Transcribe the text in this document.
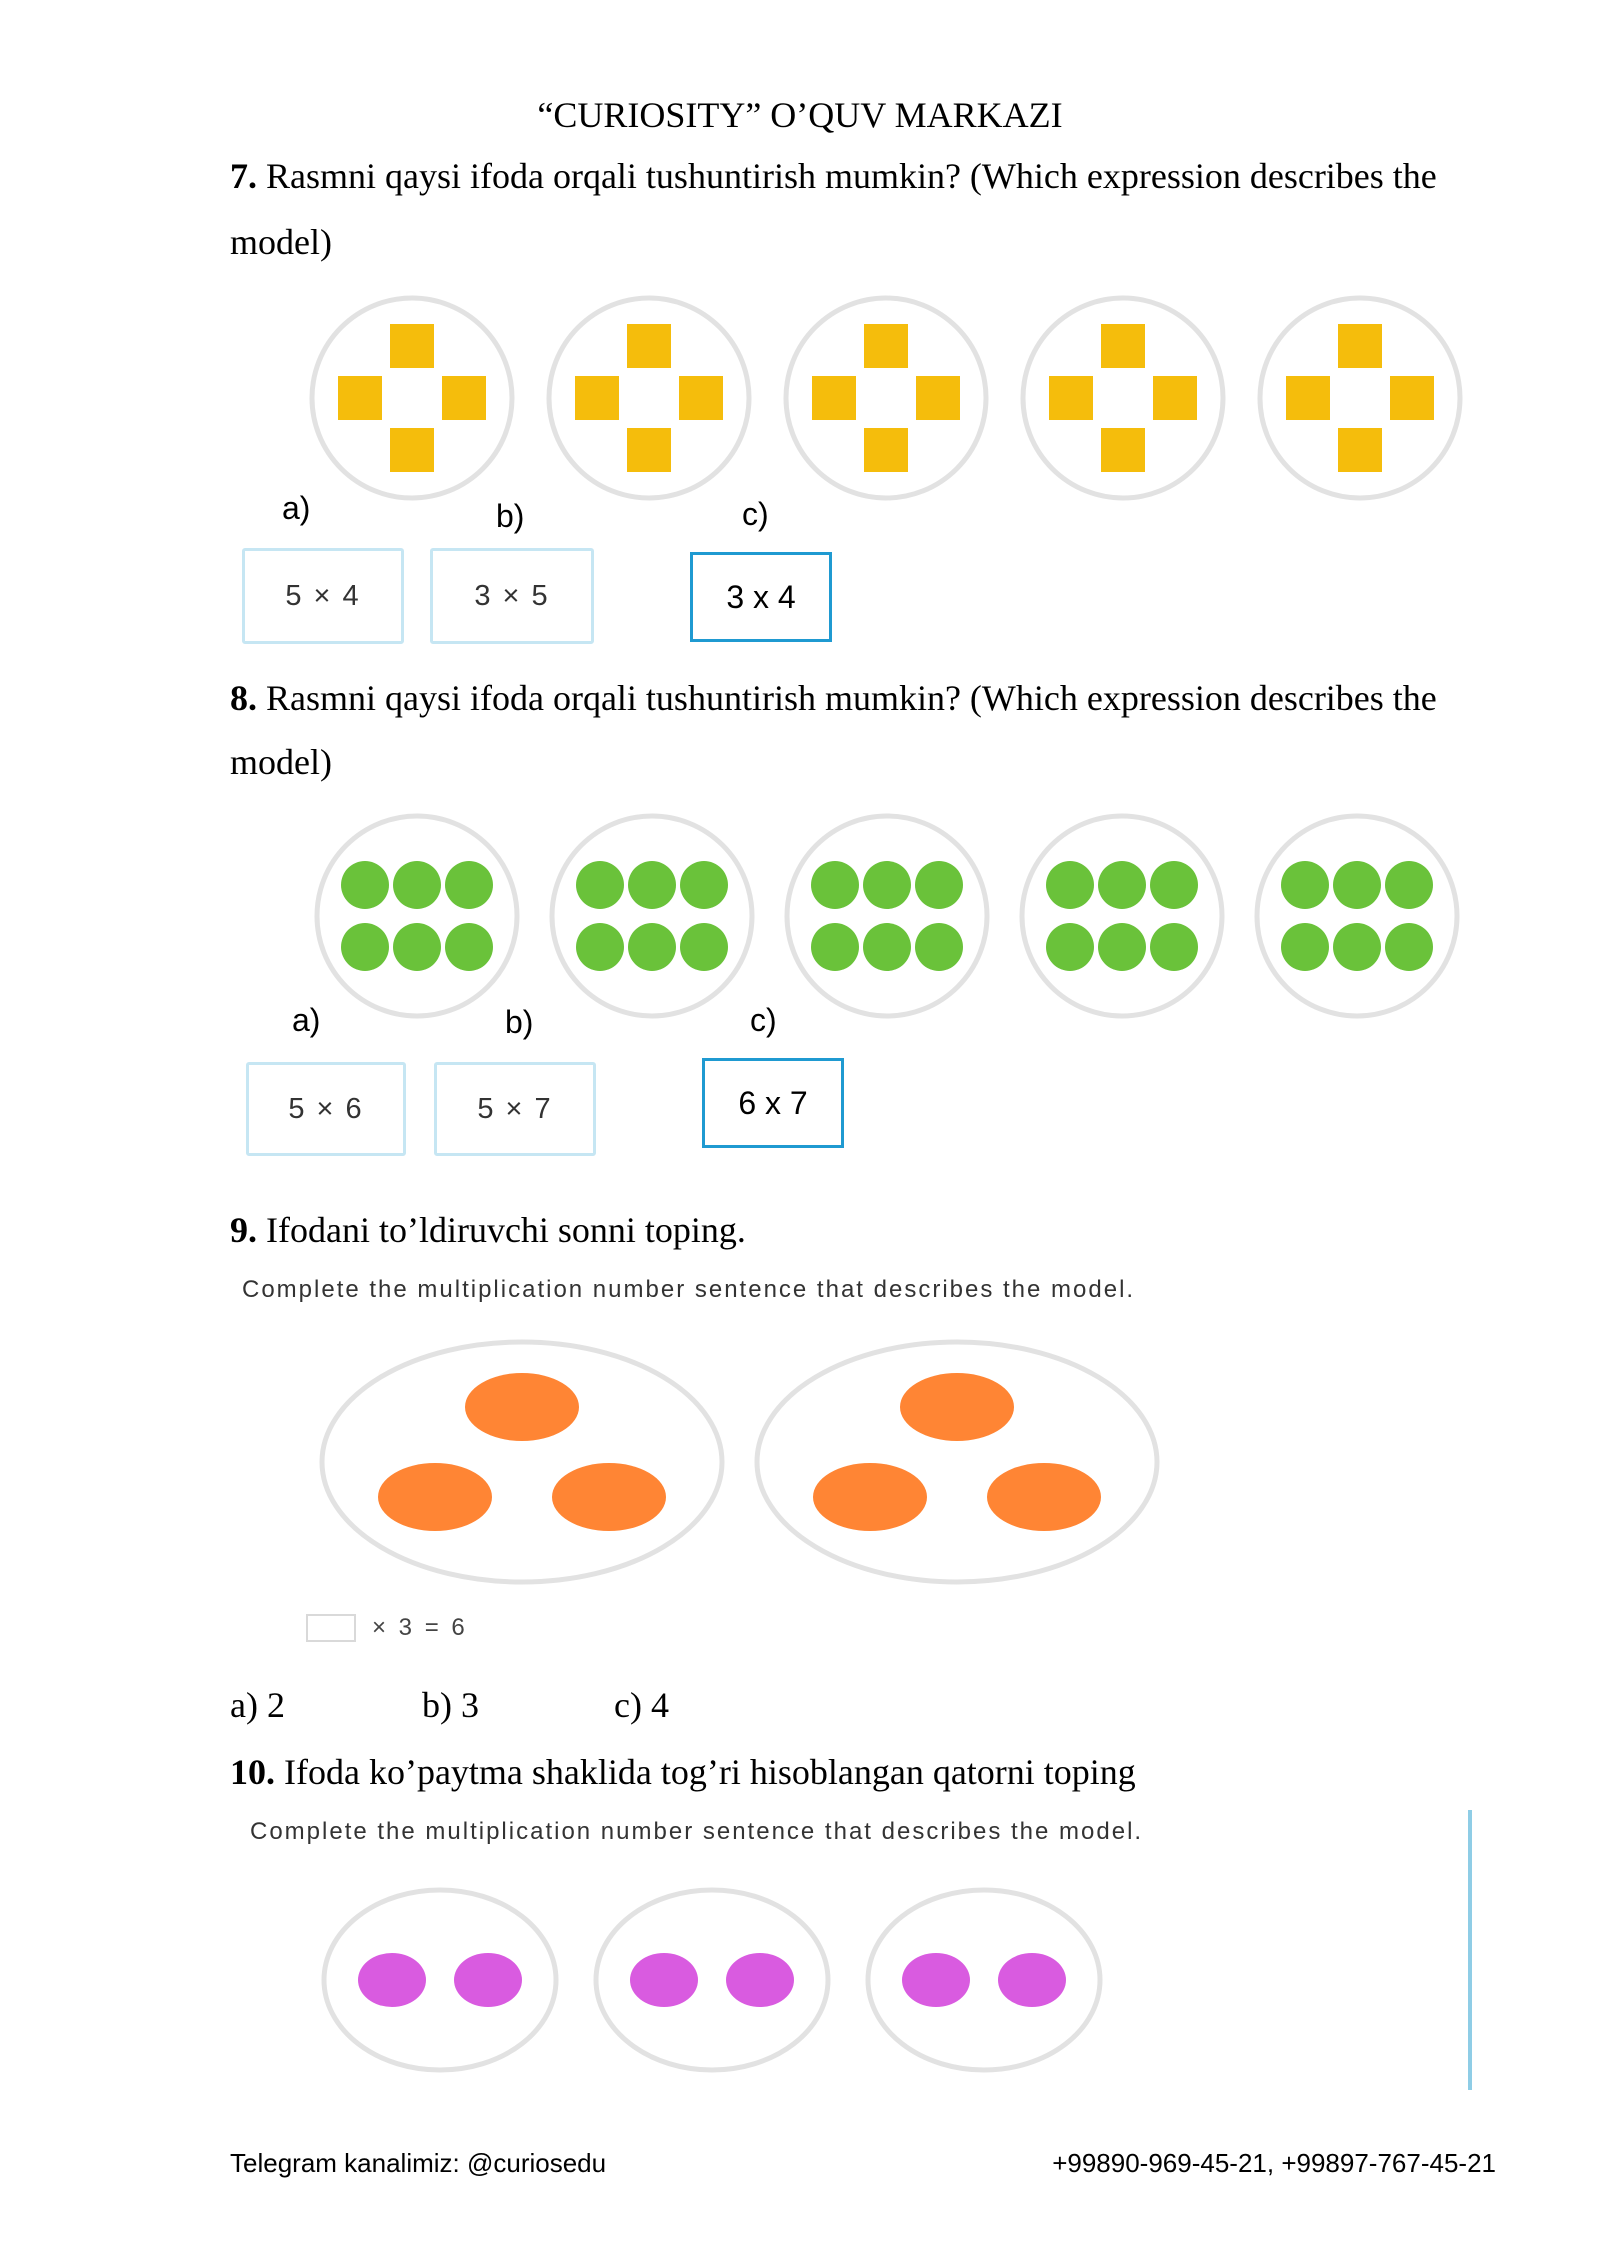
“CURIOSITY” O’QUV MARKAZI
7. Rasmni qaysi ifoda orqali tushuntirish mumkin? (Which expression describes the
model)
a)	b)	c)
5 × 4	3 × 5	3 x 4
8. Rasmni qaysi ifoda orqali tushuntirish mumkin? (Which expression describes the
model)
a)	b)	c)
5 × 6	5 × 7	6 x 7
9. Ifodani to’ldiruvchi sonni toping.
Complete the multiplication number sentence that describes the model.
× 3 = 6
a) 2	b) 3	c) 4
10. Ifoda ko’paytma shaklida tog’ri hisoblangan qatorni toping
Complete the multiplication number sentence that describes the model.
Telegram kanalimiz: @curiosedu	+99890-969-45-21, +99897-767-45-21
